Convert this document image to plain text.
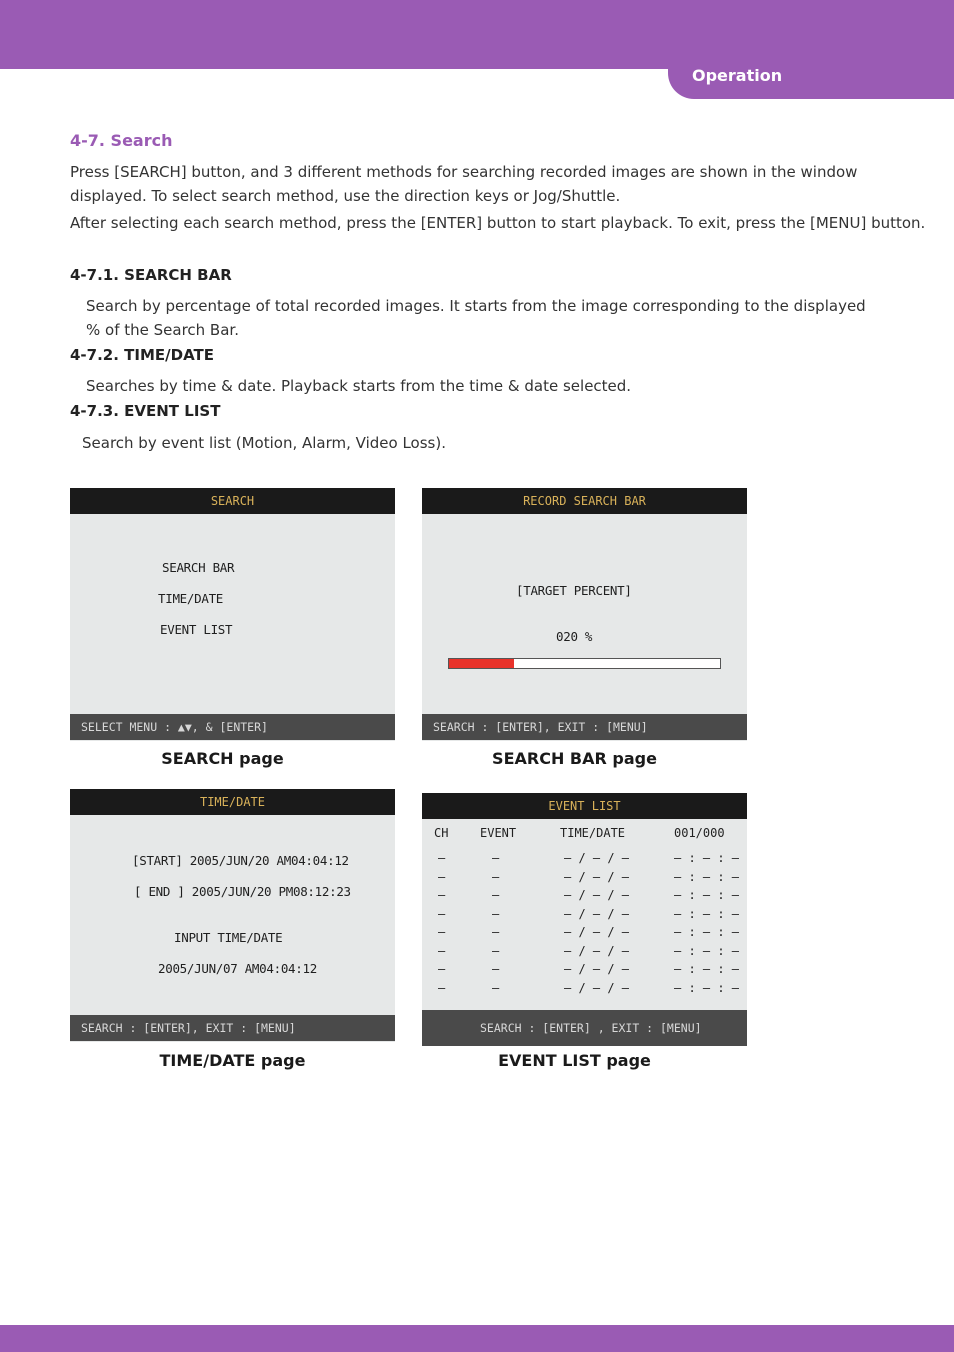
Operation
4-7. Search
Press [SEARCH] button, and 3 different methods for searching recorded images are shown in the window displayed. To select search method, use the direction keys or Jog/Shuttle.
After selecting each search method, press the [ENTER] button to start playback. To exit, press the [MENU] button.
4-7.1. SEARCH BAR
Search by percentage of total recorded images. It starts from the image corresponding to the displayed % of the Search Bar.
4-7.2. TIME/DATE
Searches by time & date. Playback starts from the time & date selected.
4-7.3. EVENT LIST
Search by event list (Motion, Alarm, Video Loss).
SEARCH
SEARCH BAR
TIME/DATE
EVENT LIST
SELECT MENU : ▲▼, & [ENTER]
SEARCH page
RECORD SEARCH BAR
[TARGET PERCENT]
020 %
SEARCH : [ENTER], EXIT : [MENU]
SEARCH BAR page
TIME/DATE
[START] 2005/JUN/20 AM04:04:12
[ END ] 2005/JUN/20 PM08:12:23
INPUT TIME/DATE
2005/JUN/07 AM04:04:12
SEARCH : [ENTER], EXIT : [MENU]
TIME/DATE page
EVENT LIST
CH	EVENT	TIME/DATE	001/000
–	—	— / – / –	– : – : –
–	—	— / – / –	– : – : –
–	—	— / – / –	– : – : –
–	—	— / – / –	– : – : –
–	—	— / – / –	– : – : –
–	—	— / – / –	– : – : –
–	—	— / – / –	– : – : –
–	—	— / – / –	– : – : –
SEARCH : [ENTER] , EXIT : [MENU]
EVENT LIST page
